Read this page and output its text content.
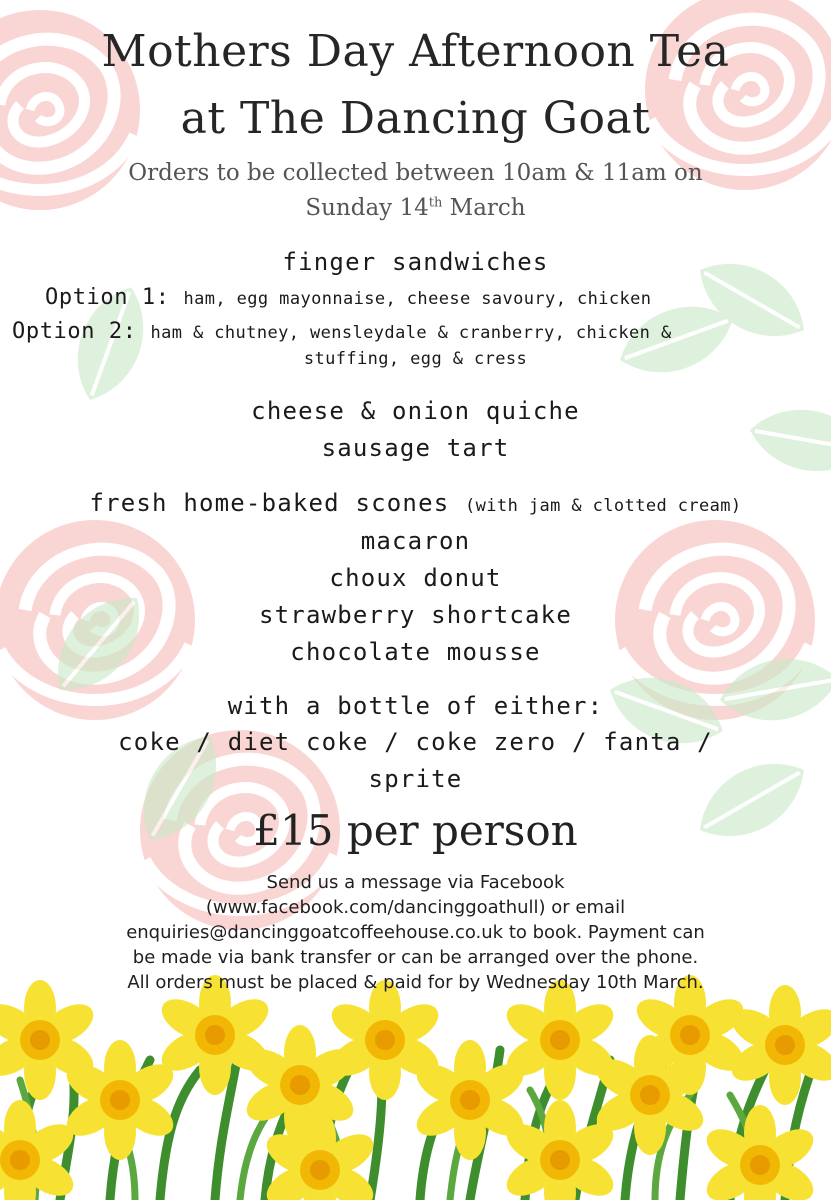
Mothers Day Afternoon Tea
at The Dancing Goat
Orders to be collected between 10am & 11am on
Sunday 14th March
finger sandwiches
Option 1: ham, egg mayonnaise, cheese savoury, chicken
Option 2: ham & chutney, wensleydale & cranberry, chicken &
stuffing, egg & cress
cheese & onion quiche
sausage tart
fresh home-baked scones (with jam & clotted cream)
macaron
choux donut
strawberry shortcake
chocolate mousse
with a bottle of either:
coke / diet coke / coke zero / fanta /
sprite
£15 per person
Send us a message via Facebook
(www.facebook.com/dancinggoathull) or email
enquiries@dancinggoatcoffeehouse.co.uk to book. Payment can
be made via bank transfer or can be arranged over the phone.
All orders must be placed & paid for by Wednesday 10th March.
